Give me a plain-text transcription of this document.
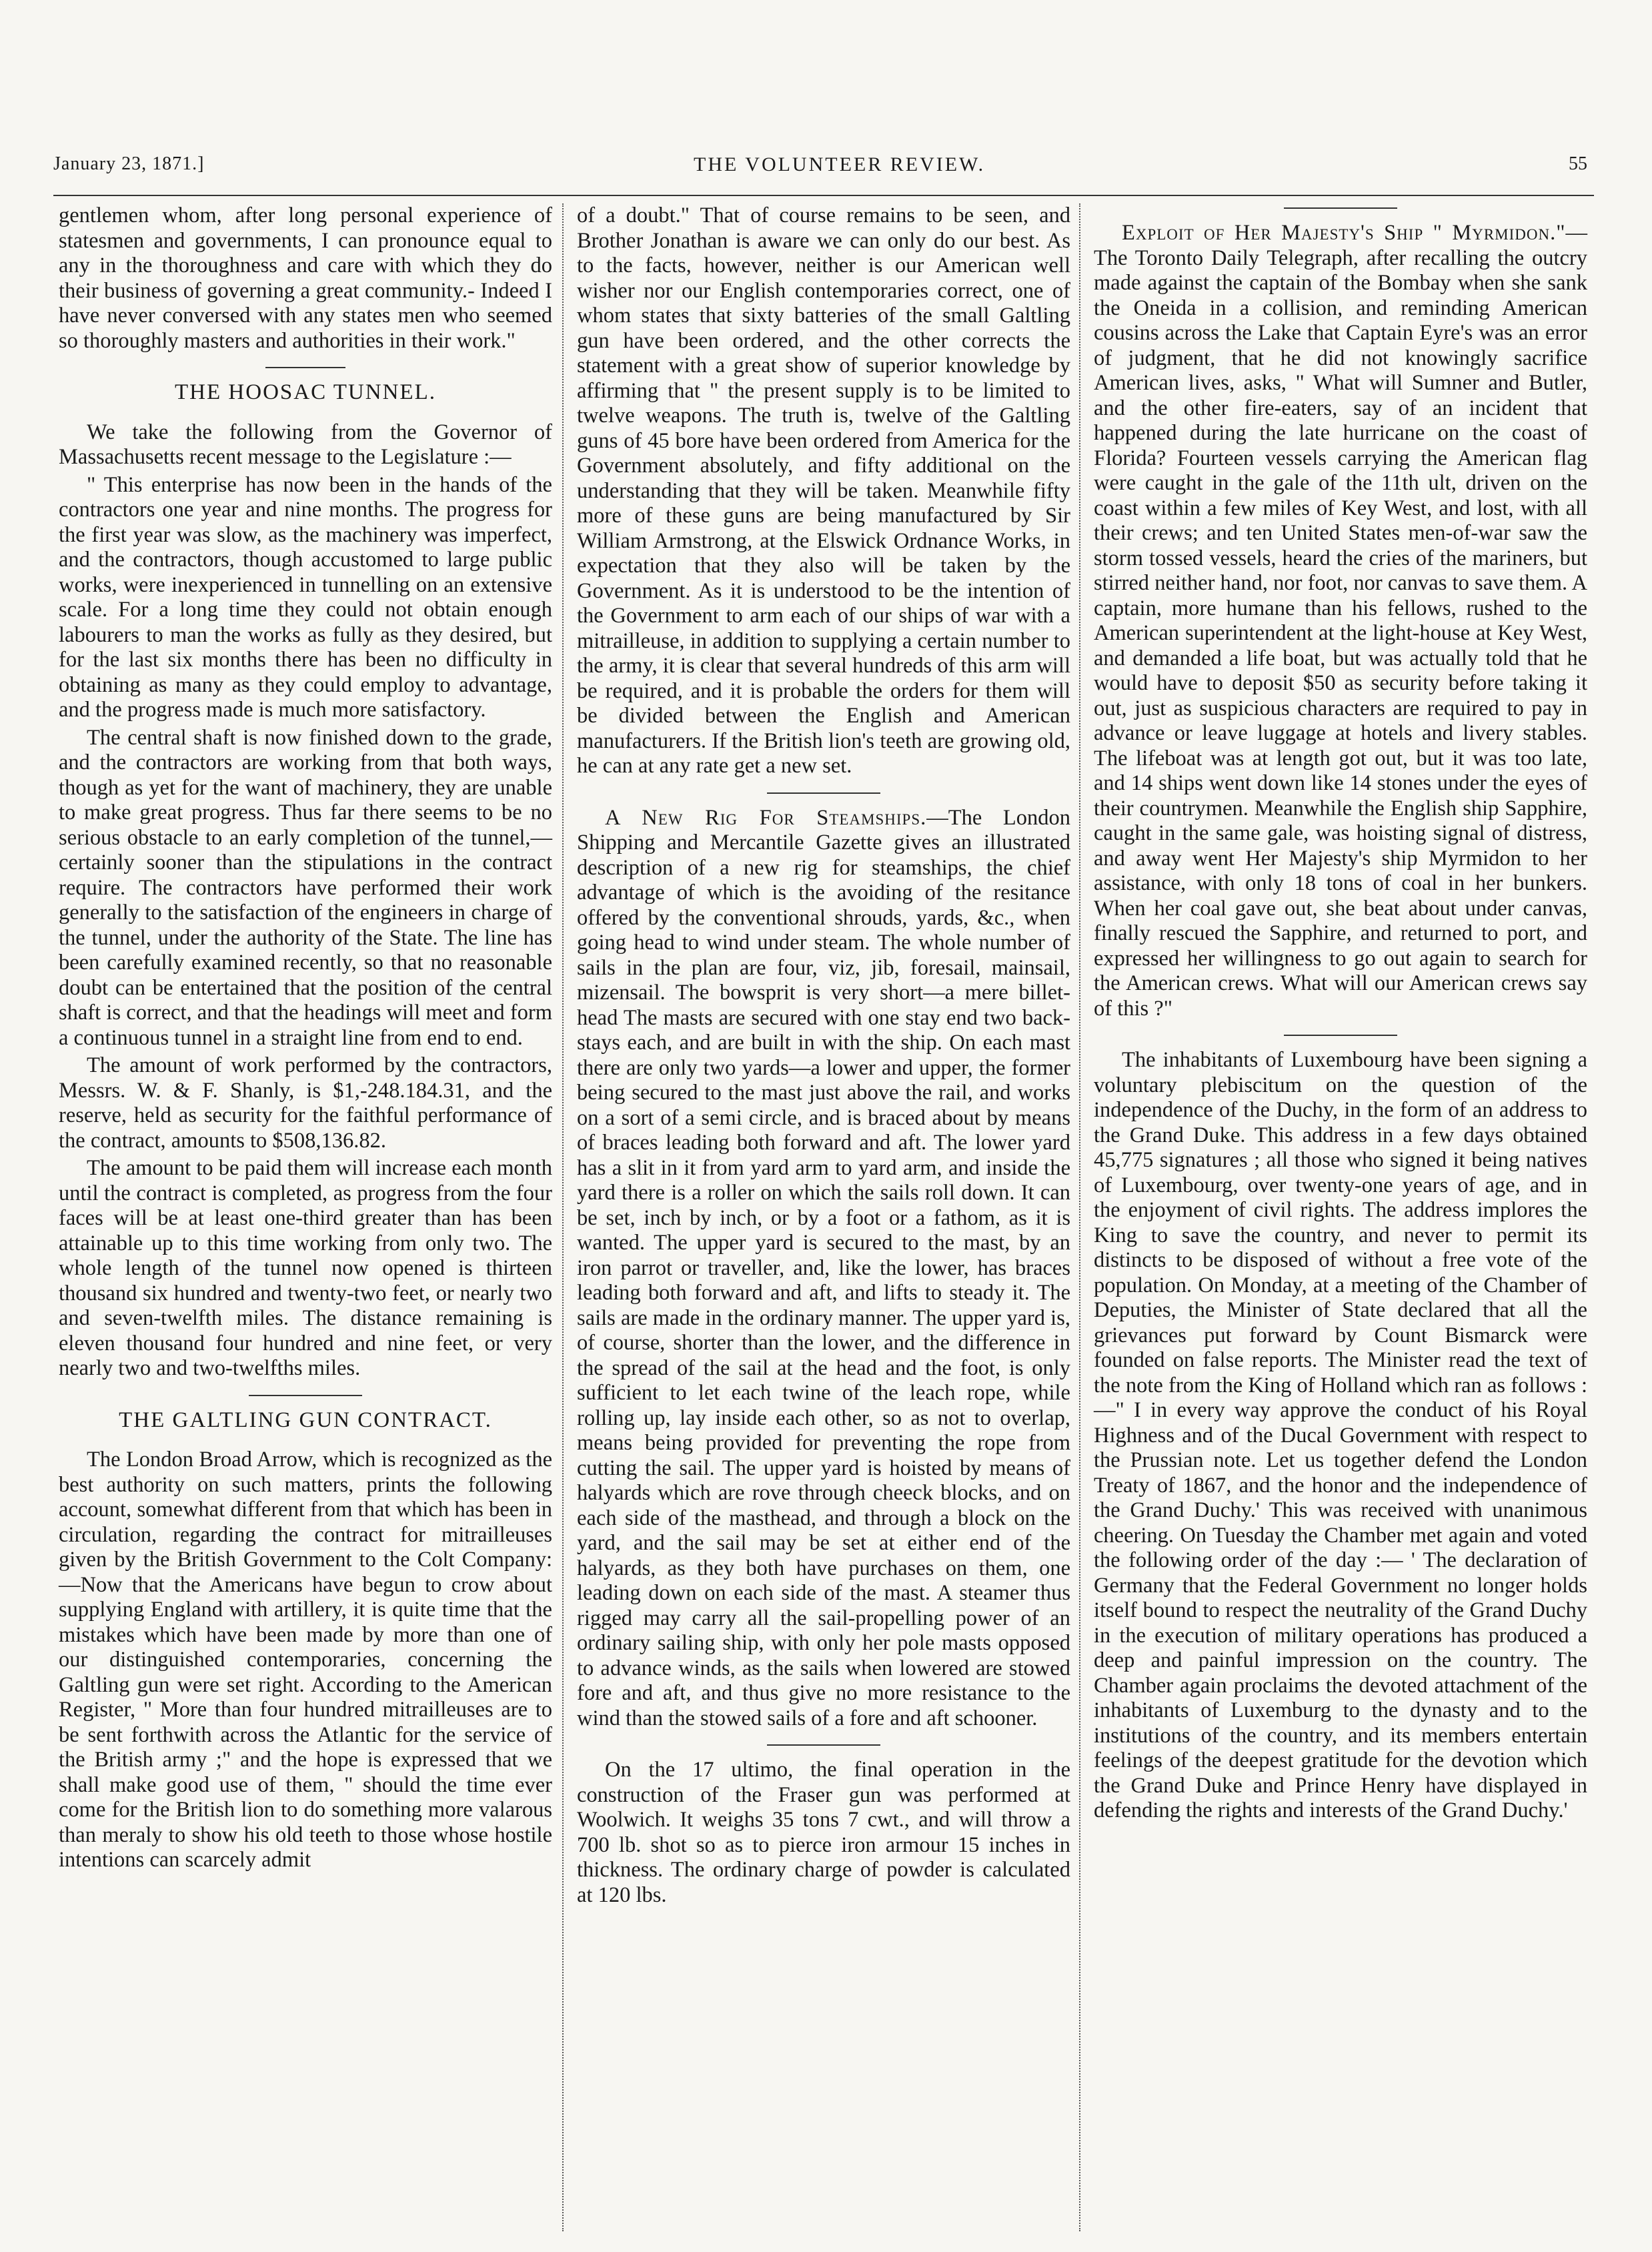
January 23, 1871.]	THE VOLUNTEER REVIEW.	55

gentlemen whom, after long personal experience of statesmen and governments, I can pronounce equal to any in the thoroughness and care with which they do their business of governing a great community.- Indeed I have never conversed with any states men who seemed so thoroughly masters and authorities in their work."

THE HOOSAC TUNNEL.

We take the following from the Governor of Massachusetts recent message to the Legislature :—

" This enterprise has now been in the hands of the contractors one year and nine months. The progress for the first year was slow, as the machinery was imperfect, and the contractors, though accustomed to large public works, were inexperienced in tunnelling on an extensive scale. For a long time they could not obtain enough labourers to man the works as fully as they desired, but for the last six months there has been no difficulty in obtaining as many as they could employ to advantage, and the progress made is much more satisfactory.

The central shaft is now finished down to the grade, and the contractors are working from that both ways, though as yet for the want of machinery, they are unable to make great progress. Thus far there seems to be no serious obstacle to an early completion of the tunnel,—certainly sooner than the stipulations in the contract require. The contractors have performed their work generally to the satisfaction of the engineers in charge of the tunnel, under the authority of the State. The line has been carefully examined recently, so that no reasonable doubt can be entertained that the position of the central shaft is correct, and that the headings will meet and form a continuous tunnel in a straight line from end to end.

The amount of work performed by the contractors, Messrs. W. & F. Shanly, is $1,-248.184.31, and the reserve, held as security for the faithful performance of the contract, amounts to $508,136.82.

The amount to be paid them will increase each month until the contract is completed, as progress from the four faces will be at least one-third greater than has been attainable up to this time working from only two. The whole length of the tunnel now opened is thirteen thousand six hundred and twenty-two feet, or nearly two and seven-twelfth miles. The distance remaining is eleven thousand four hundred and nine feet, or very nearly two and two-twelfths miles.

THE GALTLING GUN CONTRACT.

The London Broad Arrow, which is recognized as the best authority on such matters, prints the following account, somewhat different from that which has been in circulation, regarding the contract for mitrailleuses given by the British Government to the Colt Company:—Now that the Americans have begun to crow about supplying England with artillery, it is quite time that the mistakes which have been made by more than one of our distinguished contemporaries, concerning the Galtling gun were set right. According to the American Register, " More than four hundred mitrailleuses are to be sent forthwith across the Atlantic for the service of the British army ;" and the hope is expressed that we shall make good use of them, " should the time ever come for the British lion to do something more valarous than meraly to show his old teeth to those whose hostile intentions can scarcely admit

of a doubt." That of course remains to be seen, and Brother Jonathan is aware we can only do our best. As to the facts, however, neither is our American well wisher nor our English contemporaries correct, one of whom states that sixty batteries of the small Galtling gun have been ordered, and the other corrects the statement with a great show of superior knowledge by affirming that " the present supply is to be limited to twelve weapons. The truth is, twelve of the Galtling guns of 45 bore have been ordered from America for the Government absolutely, and fifty additional on the understanding that they will be taken. Meanwhile fifty more of these guns are being manufactured by Sir William Armstrong, at the Elswick Ordnance Works, in expectation that they also will be taken by the Government. As it is understood to be the intention of the Government to arm each of our ships of war with a mitrailleuse, in addition to supplying a certain number to the army, it is clear that several hundreds of this arm will be required, and it is probable the orders for them will be divided between the English and American manufacturers. If the British lion's teeth are growing old, he can at any rate get a new set.

A New Rig For Steamships.—The London Shipping and Mercantile Gazette gives an illustrated description of a new rig for steamships, the chief advantage of which is the avoiding of the resitance offered by the conventional shrouds, yards, &c., when going head to wind under steam. The whole number of sails in the plan are four, viz, jib, foresail, mainsail, mizensail. The bowsprit is very short—a mere billet-head The masts are secured with one stay end two back-stays each, and are built in with the ship. On each mast there are only two yards—a lower and upper, the former being secured to the mast just above the rail, and works on a sort of a semi circle, and is braced about by means of braces leading both forward and aft. The lower yard has a slit in it from yard arm to yard arm, and inside the yard there is a roller on which the sails roll down. It can be set, inch by inch, or by a foot or a fathom, as it is wanted. The upper yard is secured to the mast, by an iron parrot or traveller, and, like the lower, has braces leading both forward and aft, and lifts to steady it. The sails are made in the ordinary manner. The upper yard is, of course, shorter than the lower, and the difference in the spread of the sail at the head and the foot, is only sufficient to let each twine of the leach rope, while rolling up, lay inside each other, so as not to overlap, means being provided for preventing the rope from cutting the sail. The upper yard is hoisted by means of halyards which are rove through cheeck blocks, and on each side of the masthead, and through a block on the yard, and the sail may be set at either end of the halyards, as they both have purchases on them, one leading down on each side of the mast. A steamer thus rigged may carry all the sail-propelling power of an ordinary sailing ship, with only her pole masts opposed to advance winds, as the sails when lowered are stowed fore and aft, and thus give no more resistance to the wind than the stowed sails of a fore and aft schooner.

On the 17 ultimo, the final operation in the construction of the Fraser gun was performed at Woolwich. It weighs 35 tons 7 cwt., and will throw a 700 lb. shot so as to pierce iron armour 15 inches in thickness. The ordinary charge of powder is calculated at 120 lbs.

Exploit of Her Majesty's Ship " Myrmidon."—The Toronto Daily Telegraph, after recalling the outcry made against the captain of the Bombay when she sank the Oneida in a collision, and reminding American cousins across the Lake that Captain Eyre's was an error of judgment, that he did not knowingly sacrifice American lives, asks, " What will Sumner and Butler, and the other fire-eaters, say of an incident that happened during the late hurricane on the coast of Florida? Fourteen vessels carrying the American flag were caught in the gale of the 11th ult, driven on the coast within a few miles of Key West, and lost, with all their crews; and ten United States men-of-war saw the storm tossed vessels, heard the cries of the mariners, but stirred neither hand, nor foot, nor canvas to save them. A captain, more humane than his fellows, rushed to the American superintendent at the light-house at Key West, and demanded a life boat, but was actually told that he would have to deposit $50 as security before taking it out, just as suspicious characters are required to pay in advance or leave luggage at hotels and livery stables. The lifeboat was at length got out, but it was too late, and 14 ships went down like 14 stones under the eyes of their countrymen. Meanwhile the English ship Sapphire, caught in the same gale, was hoisting signal of distress, and away went Her Majesty's ship Myrmidon to her assistance, with only 18 tons of coal in her bunkers. When her coal gave out, she beat about under canvas, finally rescued the Sapphire, and returned to port, and expressed her willingness to go out again to search for the American crews. What will our American crews say of this ?"

The inhabitants of Luxembourg have been signing a voluntary plebiscitum on the question of the independence of the Duchy, in the form of an address to the Grand Duke. This address in a few days obtained 45,775 signatures ; all those who signed it being natives of Luxembourg, over twenty-one years of age, and in the enjoyment of civil rights. The address implores the King to save the country, and never to permit its distincts to be disposed of without a free vote of the population. On Monday, at a meeting of the Chamber of Deputies, the Minister of State declared that all the grievances put forward by Count Bismarck were founded on false reports. The Minister read the text of the note from the King of Holland which ran as follows :—" I in every way approve the conduct of his Royal Highness and of the Ducal Government with respect to the Prussian note. Let us together defend the London Treaty of 1867, and the honor and the independence of the Grand Duchy.' This was received with unanimous cheering. On Tuesday the Chamber met again and voted the following order of the day :— ' The declaration of Germany that the Federal Government no longer holds itself bound to respect the neutrality of the Grand Duchy in the execution of military operations has produced a deep and painful impression on the country. The Chamber again proclaims the devoted attachment of the inhabitants of Luxemburg to the dynasty and to the institutions of the country, and its members entertain feelings of the deepest gratitude for the devotion which the Grand Duke and Prince Henry have displayed in defending the rights and interests of the Grand Duchy.'
